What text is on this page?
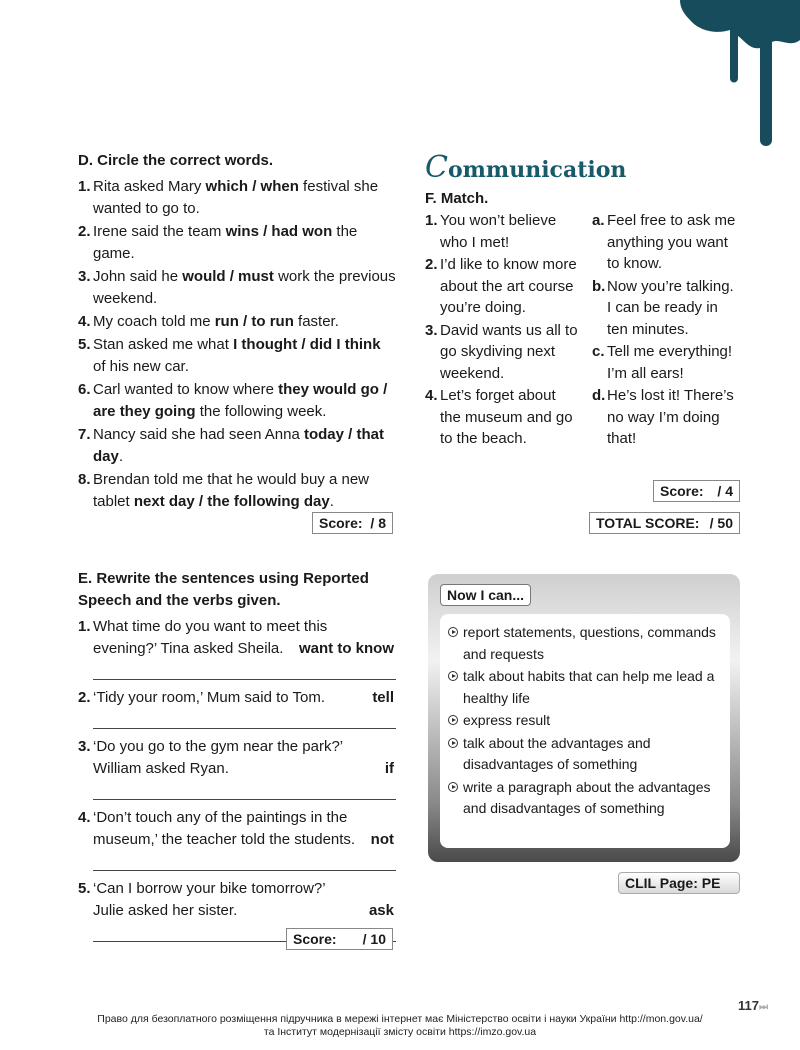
D. Circle the correct words.
1. Rita asked Mary which / when festival she wanted to go to.
2. Irene said the team wins / had won the game.
3. John said he would / must work the previous weekend.
4. My coach told me run / to run faster.
5. Stan asked me what I thought / did I think of his new car.
6. Carl wanted to know where they would go / are they going the following week.
7. Nancy said she had seen Anna today / that day.
8. Brendan told me that he would buy a new tablet next day / the following day.
Score: / 8
E. Rewrite the sentences using Reported
Speech and the verbs given.
1. What time do you want to meet this
evening?’ Tina asked Sheila.	want to know
2. ‘Tidy your room,’ Mum said to Tom.	tell
3. ‘Do you go to the gym near the park?’
William asked Ryan.	if
4. ‘Don’t touch any of the paintings in the
museum,’ the teacher told the students.	not
5. ‘Can I borrow your bike tomorrow?’
Julie asked her sister.	ask
Score: / 10
Communication
F. Match.
1. You won’t believe who I met!
2. I’d like to know more about the art course you’re doing.
3. David wants us all to go skydiving next weekend.
4. Let’s forget about the museum and go to the beach.
a. Feel free to ask me anything you want to know.
b. Now you’re talking. I can be ready in ten minutes.
c. Tell me everything! I’m all ears!
d. He’s lost it! There’s no way I’m doing that!
Score: / 4
TOTAL SCORE: / 50
Now I can...
report statements, questions, commands and requests
talk about habits that can help me lead a healthy life
express result
talk about the advantages and disadvantages of something
write a paragraph about the advantages and disadvantages of something
CLIL Page: PE
117⏭
Право для безоплатного розміщення підручника в мережі інтернет має Міністерство освіти і науки України http://mon.gov.ua/
та Інститут модернізації змісту освіти https://imzo.gov.ua
